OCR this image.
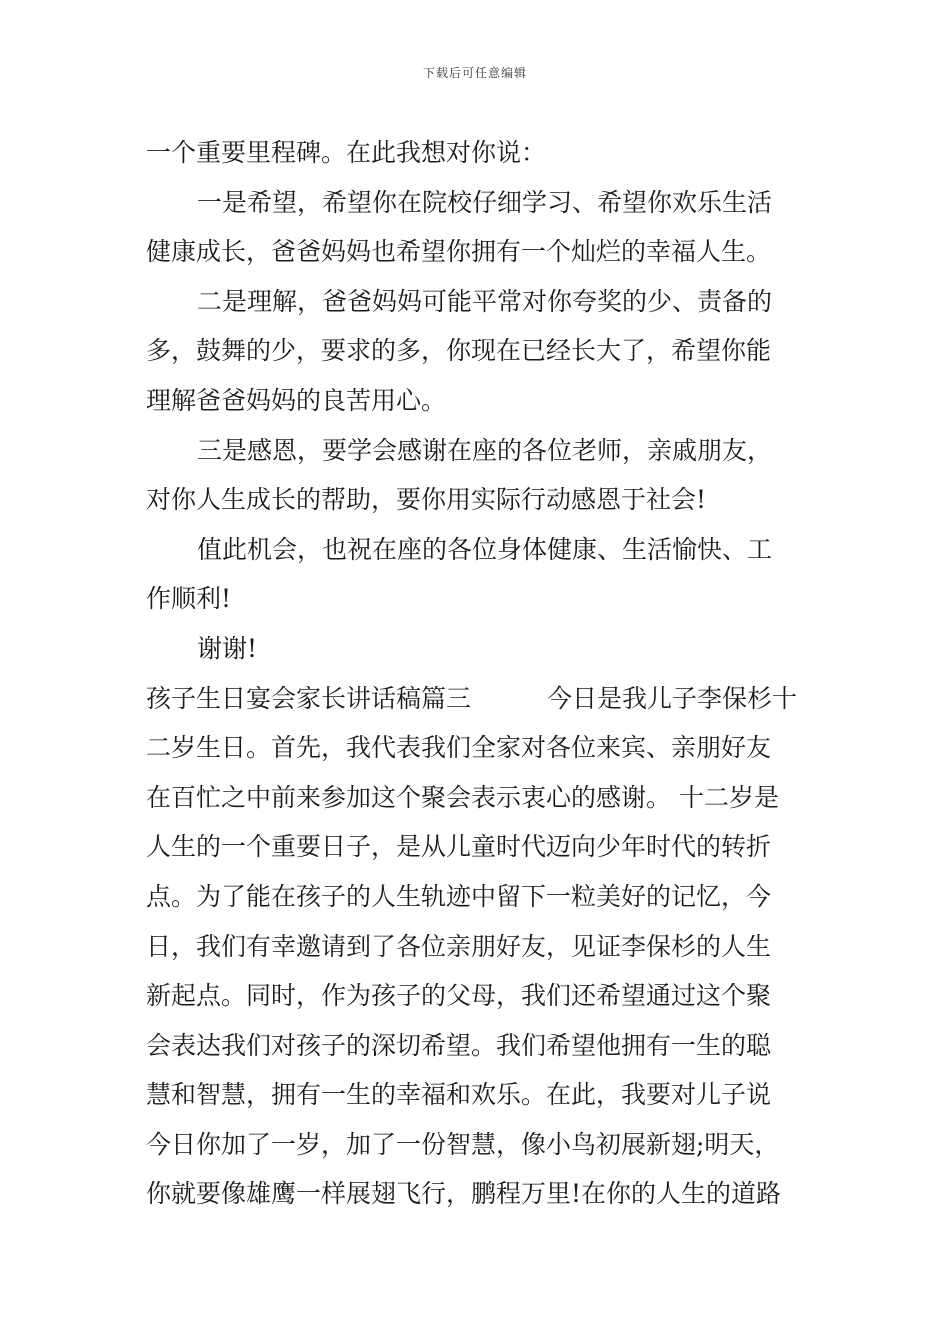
下载后可任意编辑
一个重要里程碑。在此我想对你说：
一是希望，希望你在院校仔细学习、希望你欢乐生活
健康成长，爸爸妈妈也希望你拥有一个灿烂的幸福人生。
二是理解，爸爸妈妈可能平常对你夸奖的少、责备的
多，鼓舞的少，要求的多，你现在已经长大了，希望你能
理解爸爸妈妈的良苦用心。
三是感恩，要学会感谢在座的各位老师，亲戚朋友，
对你人生成长的帮助，要你用实际行动感恩于社会!
值此机会，也祝在座的各位身体健康、生活愉快、工
作顺利!
谢谢!
孩子生日宴会家长讲话稿篇三	今日是我儿子李保杉十
二岁生日。首先，我代表我们全家对各位来宾、亲朋好友
在百忙之中前来参加这个聚会表示衷心的感谢。 十二岁是
人生的一个重要日子，是从儿童时代迈向少年时代的转折
点。为了能在孩子的人生轨迹中留下一粒美好的记忆，今
日，我们有幸邀请到了各位亲朋好友，见证李保杉的人生
新起点。同时，作为孩子的父母，我们还希望通过这个聚
会表达我们对孩子的深切希望。我们希望他拥有一生的聪
慧和智慧，拥有一生的幸福和欢乐。在此，我要对儿子说
今日你加了一岁，加了一份智慧，像小鸟初展新翅;明天，
你就要像雄鹰一样展翅飞行，鹏程万里!在你的人生的道路
